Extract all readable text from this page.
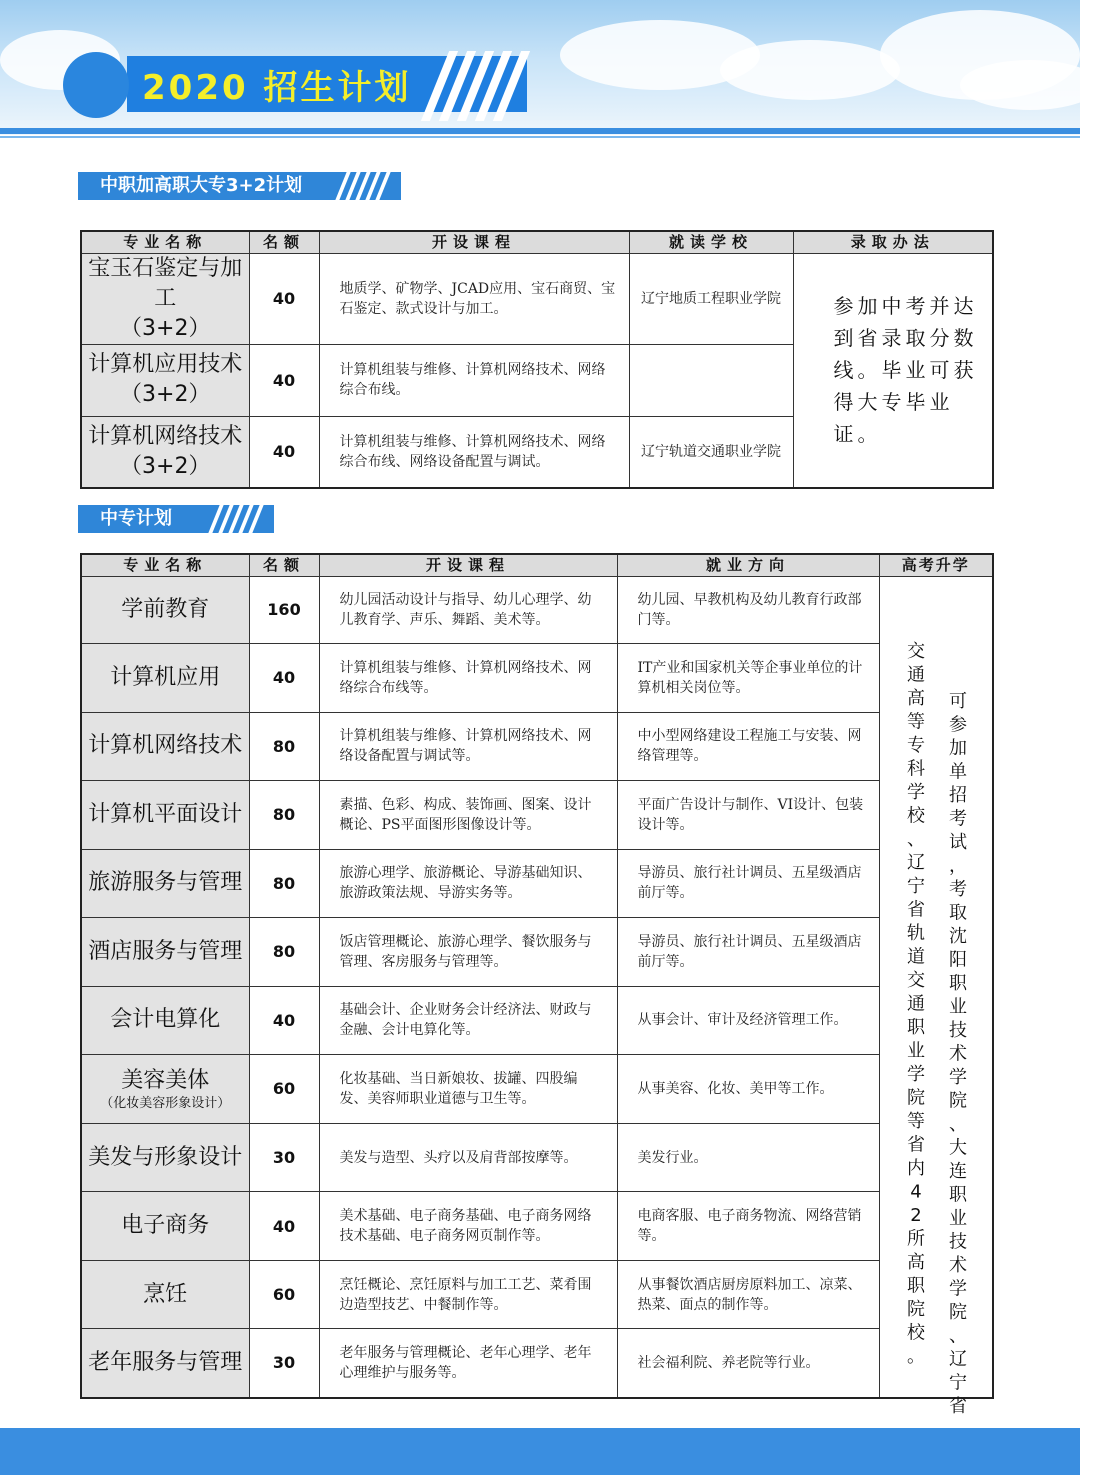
2020 招生计划
中职加高职大专3+2计划
专业名称	名额	开设课程	就读学校	录取办法
宝玉石鉴定与加工
（3+2）	40	地质学、矿物学、JCAD应用、宝石商贸、宝石鉴定、款式设计与加工。	辽宁地质工程职业学院	参加中考并达到省录取分数线。毕业可获得大专毕业证。
计算机应用技术
（3+2）	40	计算机组装与维修、计算机网络技术、网络综合布线。		
计算机网络技术
（3+2）	40	计算机组装与维修、计算机网络技术、网络综合布线、网络设备配置与调试。	辽宁轨道交通职业学院	
中专计划
专业名称	名额	开设课程	就业方向	高考升学
学前教育	160	幼儿园活动设计与指导、幼儿心理学、幼儿教育学、声乐、舞蹈、美术等。	幼儿园、早教机构及幼儿教育行政部门等。	可参加单招考试，考取沈阳职业技术学院、大连职业技术学院、辽宁省交通高等专科学校、辽宁省轨道交通职业学院等省内 4 2 所高职院校。

计算机应用	40	计算机组装与维修、计算机网络技术、网络综合布线等。	IT产业和国家机关等企事业单位的计算机相关岗位等。	
计算机网络技术	80	计算机组装与维修、计算机网络技术、网络设备配置与调试等。	中小型网络建设工程施工与安装、网络管理等。	
计算机平面设计	80	素描、色彩、构成、装饰画、图案、设计概论、PS平面图形图像设计等。	平面广告设计与制作、VI设计、包装设计等。	
旅游服务与管理	80	旅游心理学、旅游概论、导游基础知识、旅游政策法规、导游实务等。	导游员、旅行社计调员、五星级酒店前厅等。	
酒店服务与管理	80	饭店管理概论、旅游心理学、餐饮服务与管理、客房服务与管理等。	导游员、旅行社计调员、五星级酒店前厅等。	
会计电算化	40	基础会计、企业财务会计经济法、财政与金融、会计电算化等。	从事会计、审计及经济管理工作。	
美容美体
（化妆美容形象设计）	60	化妆基础、当日新娘妆、拔罐、四股编发、美容师职业道德与卫生等。	从事美容、化妆、美甲等工作。	
美发与形象设计	30	美发与造型、头疗以及肩背部按摩等。	美发行业。	
电子商务	40	美术基础、电子商务基础、电子商务网络技术基础、电子商务网页制作等。	电商客服、电子商务物流、网络营销等。	
烹饪	60	烹饪概论、烹饪原料与加工工艺、菜肴围边造型技艺、中餐制作等。	从事餐饮酒店厨房原料加工、凉菜、热菜、面点的制作等。	
老年服务与管理	30	老年服务与管理概论、老年心理学、老年心理维护与服务等。	社会福利院、养老院等行业。	
